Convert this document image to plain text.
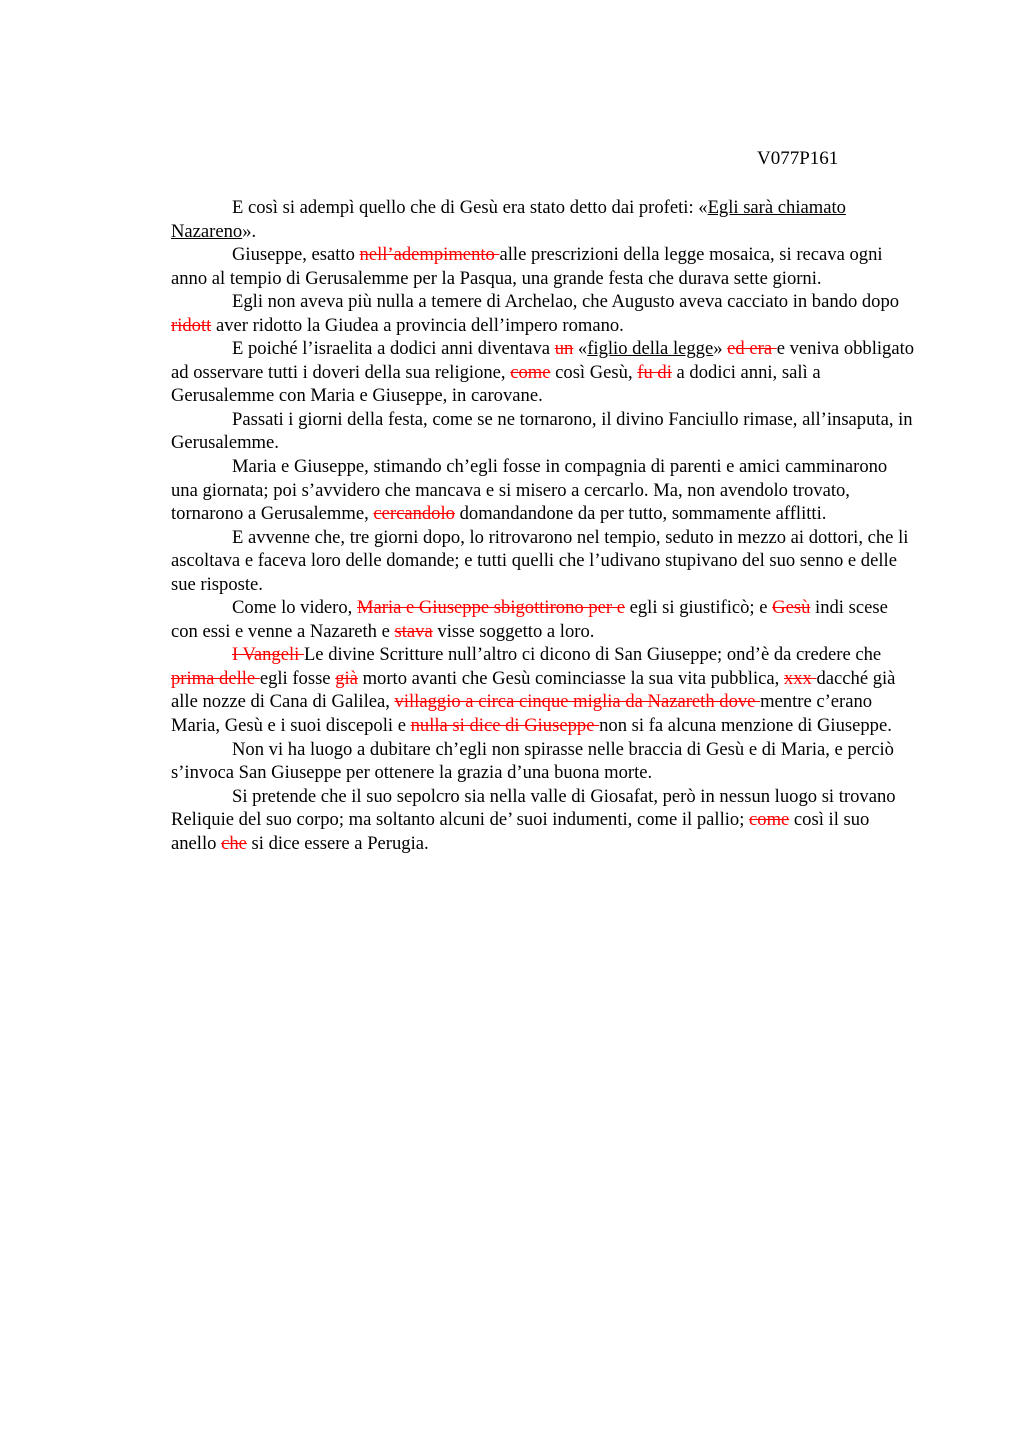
V077P161

E così si adempì quello che di Gesù era stato detto dai profeti: «Egli sarà chiamato Nazareno».

Giuseppe, esatto nell’adempimento alle prescrizioni della legge mosaica, si recava ogni anno al tempio di Gerusalemme per la Pasqua, una grande festa che durava sette giorni.

Egli non aveva più nulla a temere di Archelao, che Augusto aveva cacciato in bando dopo ridott aver ridotto la Giudea a provincia dell’impero romano.

E poiché l’israelita a dodici anni diventava un «figlio della legge» ed era e veniva obbligato ad osservare tutti i doveri della sua religione, come così Gesù, fu di a dodici anni, salì a Gerusalemme con Maria e Giuseppe, in carovane.

Passati i giorni della festa, come se ne tornarono, il divino Fanciullo rimase, all’insaputa, in Gerusalemme.

Maria e Giuseppe, stimando ch’egli fosse in compagnia di parenti e amici camminarono una giornata; poi s’avvidero che mancava e si misero a cercarlo. Ma, non avendolo trovato, tornarono a Gerusalemme, cercandolo domandandone da per tutto, sommamente afflitti.

E avvenne che, tre giorni dopo, lo ritrovarono nel tempio, seduto in mezzo ai dottori, che li ascoltava e faceva loro delle domande; e tutti quelli che l’udivano stupivano del suo senno e delle sue risposte.

Come lo videro, Maria e Giuseppe sbigottirono per e egli si giustificò; e Gesù indi scese con essi e venne a Nazareth e stava visse soggetto a loro.

I Vangeli Le divine Scritture null’altro ci dicono di San Giuseppe; ond’è da credere che prima delle egli fosse già morto avanti che Gesù cominciasse la sua vita pubblica, xxx dacché già alle nozze di Cana di Galilea, villaggio a circa cinque miglia da Nazareth dove mentre c’erano Maria, Gesù e i suoi discepoli e nulla si dice di Giuseppe non si fa alcuna menzione di Giuseppe.

Non vi ha luogo a dubitare ch’egli non spirasse nelle braccia di Gesù e di Maria, e perciò s’invoca San Giuseppe per ottenere la grazia d’una buona morte.

Si pretende che il suo sepolcro sia nella valle di Giosafat, però in nessun luogo si trovano Reliquie del suo corpo; ma soltanto alcuni de’ suoi indumenti, come il pallio; come così il suo anello che si dice essere a Perugia.
